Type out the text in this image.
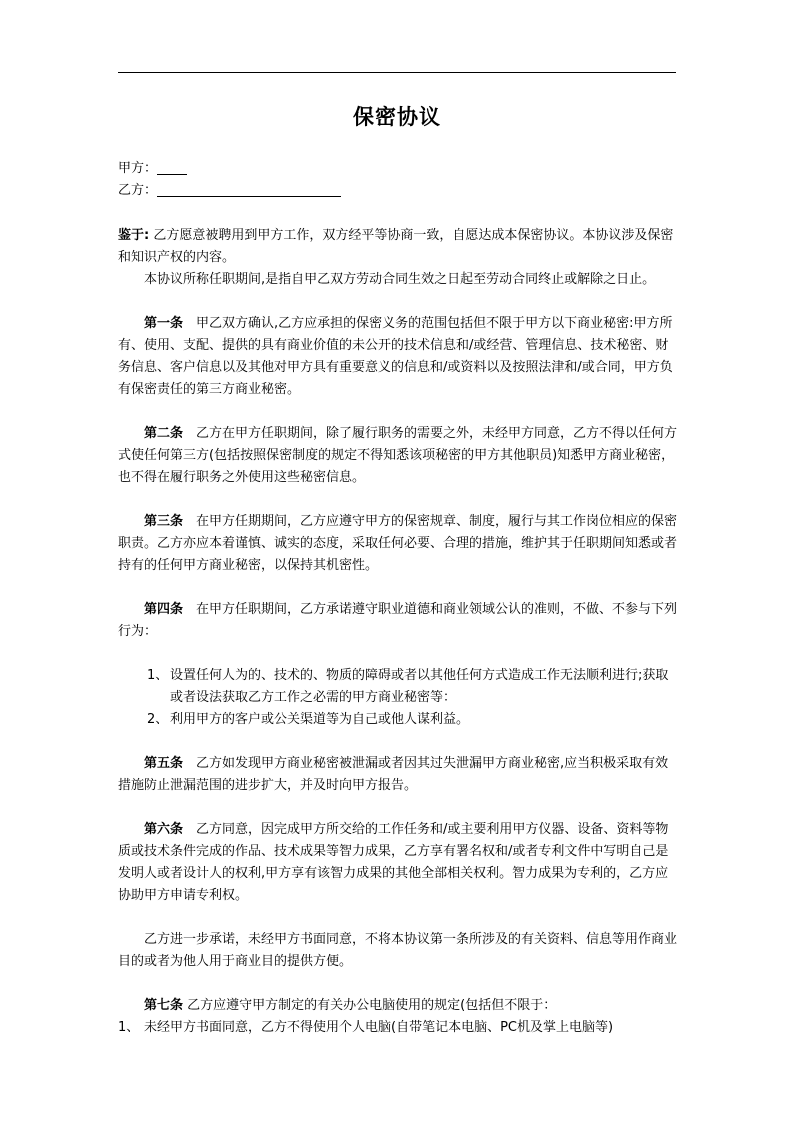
保密协议

甲方：

乙方：

鉴于: 乙方愿意被聘用到甲方工作，双方经平等协商一致，自愿达成本保密协议。本协议涉及保密和知识产权的内容。

本协议所称任职期间,是指自甲乙双方劳动合同生效之日起至劳动合同终止或解除之日止。

第一条　甲乙双方确认,乙方应承担的保密义务的范围包括但不限于甲方以下商业秘密:甲方所有、使用、支配、提供的具有商业价值的未公开的技术信息和/或经营、管理信息、技术秘密、财务信息、客户信息以及其他对甲方具有重要意义的信息和/或资料以及按照法津和/或合同，甲方负有保密责任的第三方商业秘密。

第二条　乙方在甲方任职期间，除了履行职务的需要之外，未经甲方同意，乙方不得以任何方式使任何第三方(包括按照保密制度的规定不得知悉该项秘密的甲方其他职员)知悉甲方商业秘密，也不得在履行职务之外使用这些秘密信息。

第三条　在甲方任期期间，乙方应遵守甲方的保密规章、制度，履行与其工作岗位相应的保密职责。乙方亦应本着谨慎、诚实的态度，采取任何必要、合理的措施，维护其于任职期间知悉或者持有的任何甲方商业秘密，以保持其机密性。

第四条　在甲方任职期间，乙方承诺遵守职业道德和商业领域公认的准则，不做、不参与下列行为：

1、 设置任何人为的、技术的、物质的障碍或者以其他任何方式造成工作无法顺利进行;获取或者设法获取乙方工作之必需的甲方商业秘密等：

2、 利用甲方的客户或公关渠道等为自己或他人谋利益。

第五条　乙方如发现甲方商业秘密被泄漏或者因其过失泄漏甲方商业秘密,应当积极采取有效措施防止泄漏范围的进步扩大，并及时向甲方报告。

第六条　乙方同意，因完成甲方所交给的工作任务和/或主要利用甲方仪器、设备、资料等物质或技术条件完成的作品、技术成果等智力成果，乙方享有署名权和/或者专利文件中写明自己是发明人或者设计人的权利,甲方享有该智力成果的其他全部相关权利。智力成果为专利的，乙方应协助甲方申请专利权。

乙方进一步承诺，未经甲方书面同意，不将本协议第一条所涉及的有关资料、信息等用作商业目的或者为他人用于商业目的提供方便。

第七条 乙方应遵守甲方制定的有关办公电脑使用的规定(包括但不限于：

1、 未经甲方书面同意，乙方不得使用个人电脑(自带笔记本电脑、PC机及掌上电脑等)
